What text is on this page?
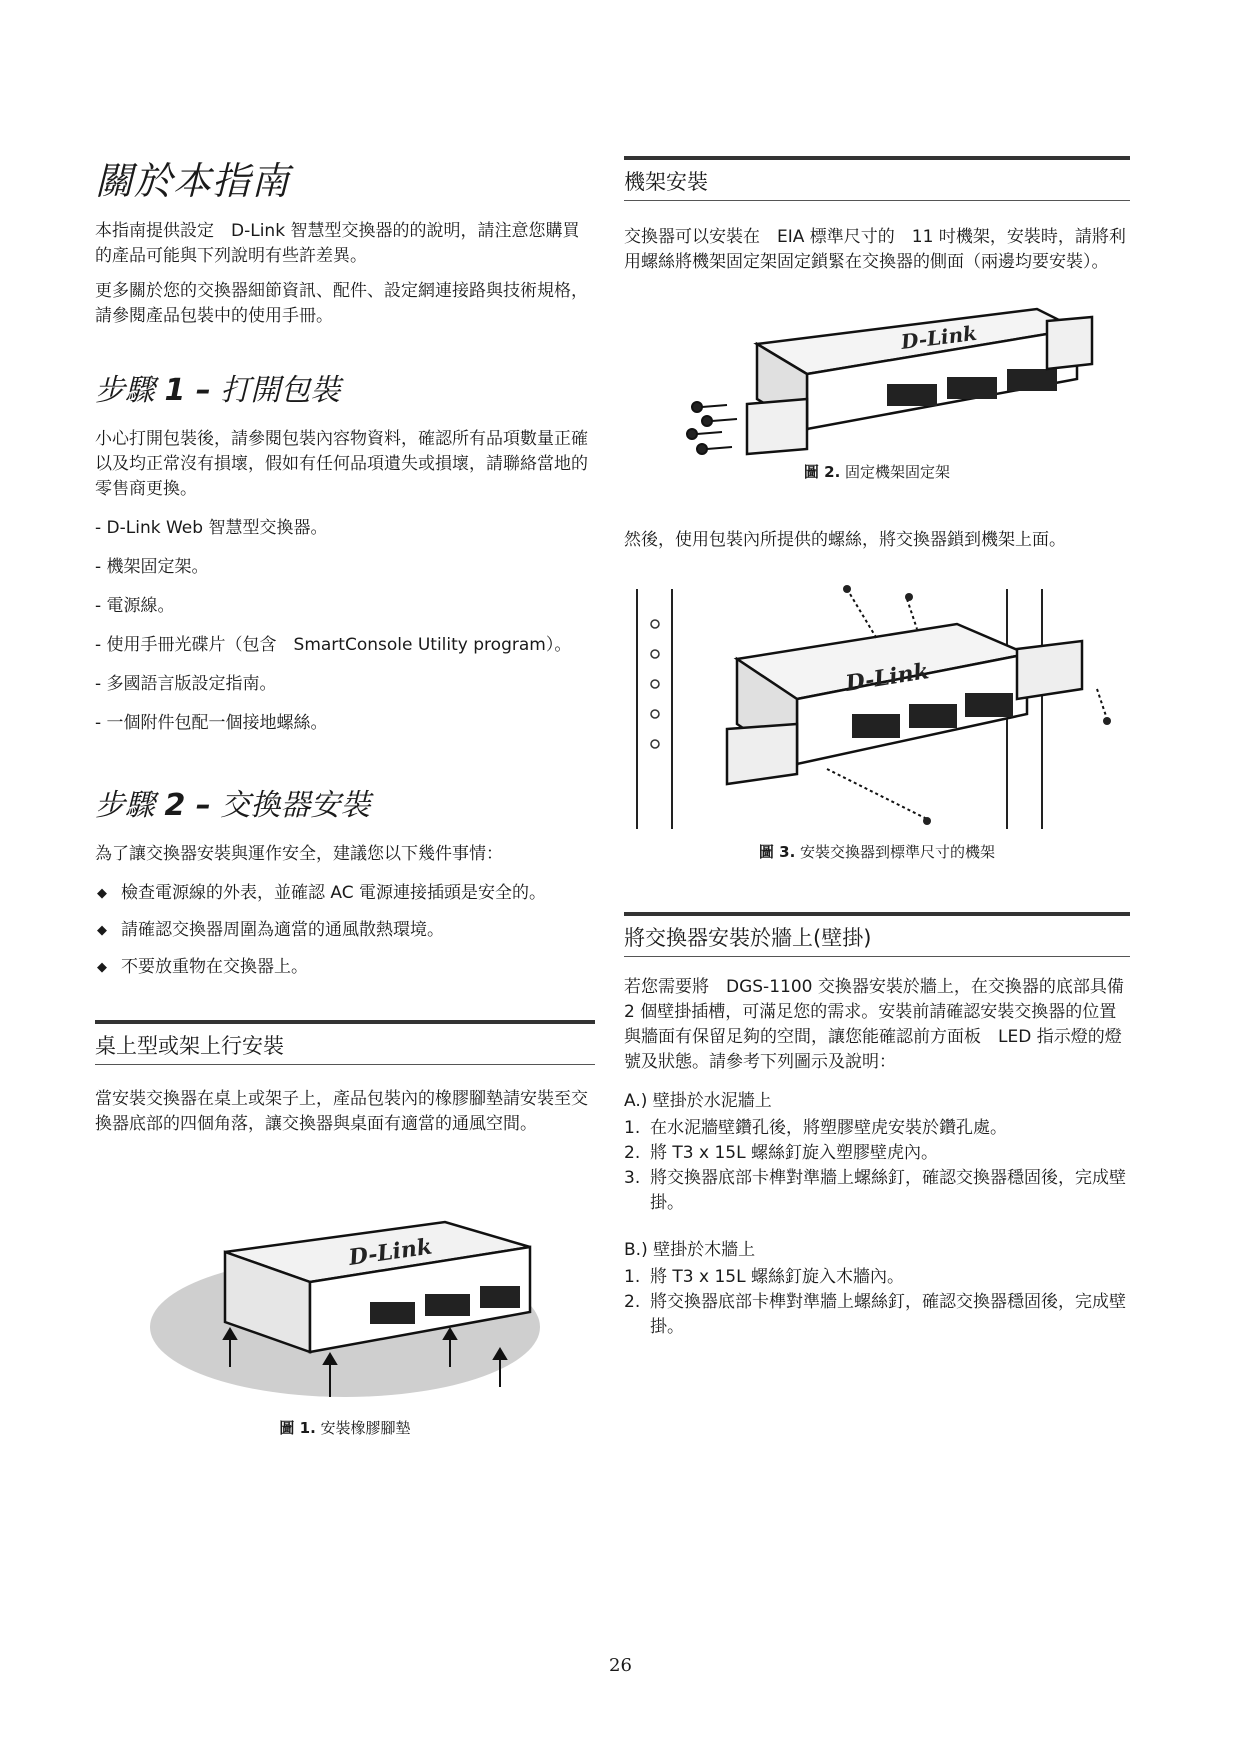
關於本指南

本指南提供設定　D-Link 智慧型交換器的的說明，請注意您購買的產品可能與下列說明有些許差異。

更多關於您的交換器細節資訊、配件、設定網連接路與技術規格，請參閱產品包裝中的使用手冊。

步驟 1 – 打開包裝

小心打開包裝後，請參閱包裝內容物資料，確認所有品項數量正確以及均正常沒有損壞，假如有任何品項遺失或損壞，請聯絡當地的零售商更換。

- D-Link Web 智慧型交換器。
- 機架固定架。
- 電源線。
- 使用手冊光碟片（包含　SmartConsole Utility program）。
- 多國語言版設定指南。
- 一個附件包配一個接地螺絲。
步驟 2 – 交換器安裝

為了讓交換器安裝與運作安全，建議您以下幾件事情：

◆ 檢查電源線的外表，並確認 AC 電源連接插頭是安全的。
◆ 請確認交換器周圍為適當的通風散熱環境。
◆ 不要放重物在交換器上。
桌上型或架上行安裝

當安裝交換器在桌上或架子上，產品包裝內的橡膠腳墊請安裝至交換器底部的四個角落，讓交換器與桌面有適當的通風空間。

D-Link
圖 1. 安裝橡膠腳墊
機架安裝

交換器可以安裝在　EIA 標準尺寸的　11 吋機架，安裝時，請將利用螺絲將機架固定架固定鎖緊在交換器的側面（兩邊均要安裝）。

D-Link
圖 2. 固定機架固定架

然後，使用包裝內所提供的螺絲，將交換器鎖到機架上面。

D-Link
圖 3. 安裝交換器到標準尺寸的機架
將交換器安裝於牆上(壁掛)

若您需要將　DGS-1100 交換器安裝於牆上，在交換器的底部具備　2 個壁掛插槽，可滿足您的需求。安裝前請確認安裝交換器的位置與牆面有保留足夠的空間，讓您能確認前方面板　LED 指示燈的燈號及狀態。請參考下列圖示及說明：

A.) 壁掛於水泥牆上

1. 在水泥牆壁鑽孔後，將塑膠壁虎安裝於鑽孔處。
2. 將 T3 x 15L 螺絲釘旋入塑膠壁虎內。
3. 將交換器底部卡榫對準牆上螺絲釘，確認交換器穩固後，完成壁掛。

B.) 壁掛於木牆上

1. 將 T3 x 15L 螺絲釘旋入木牆內。
2. 將交換器底部卡榫對準牆上螺絲釘，確認交換器穩固後，完成壁掛。
26
